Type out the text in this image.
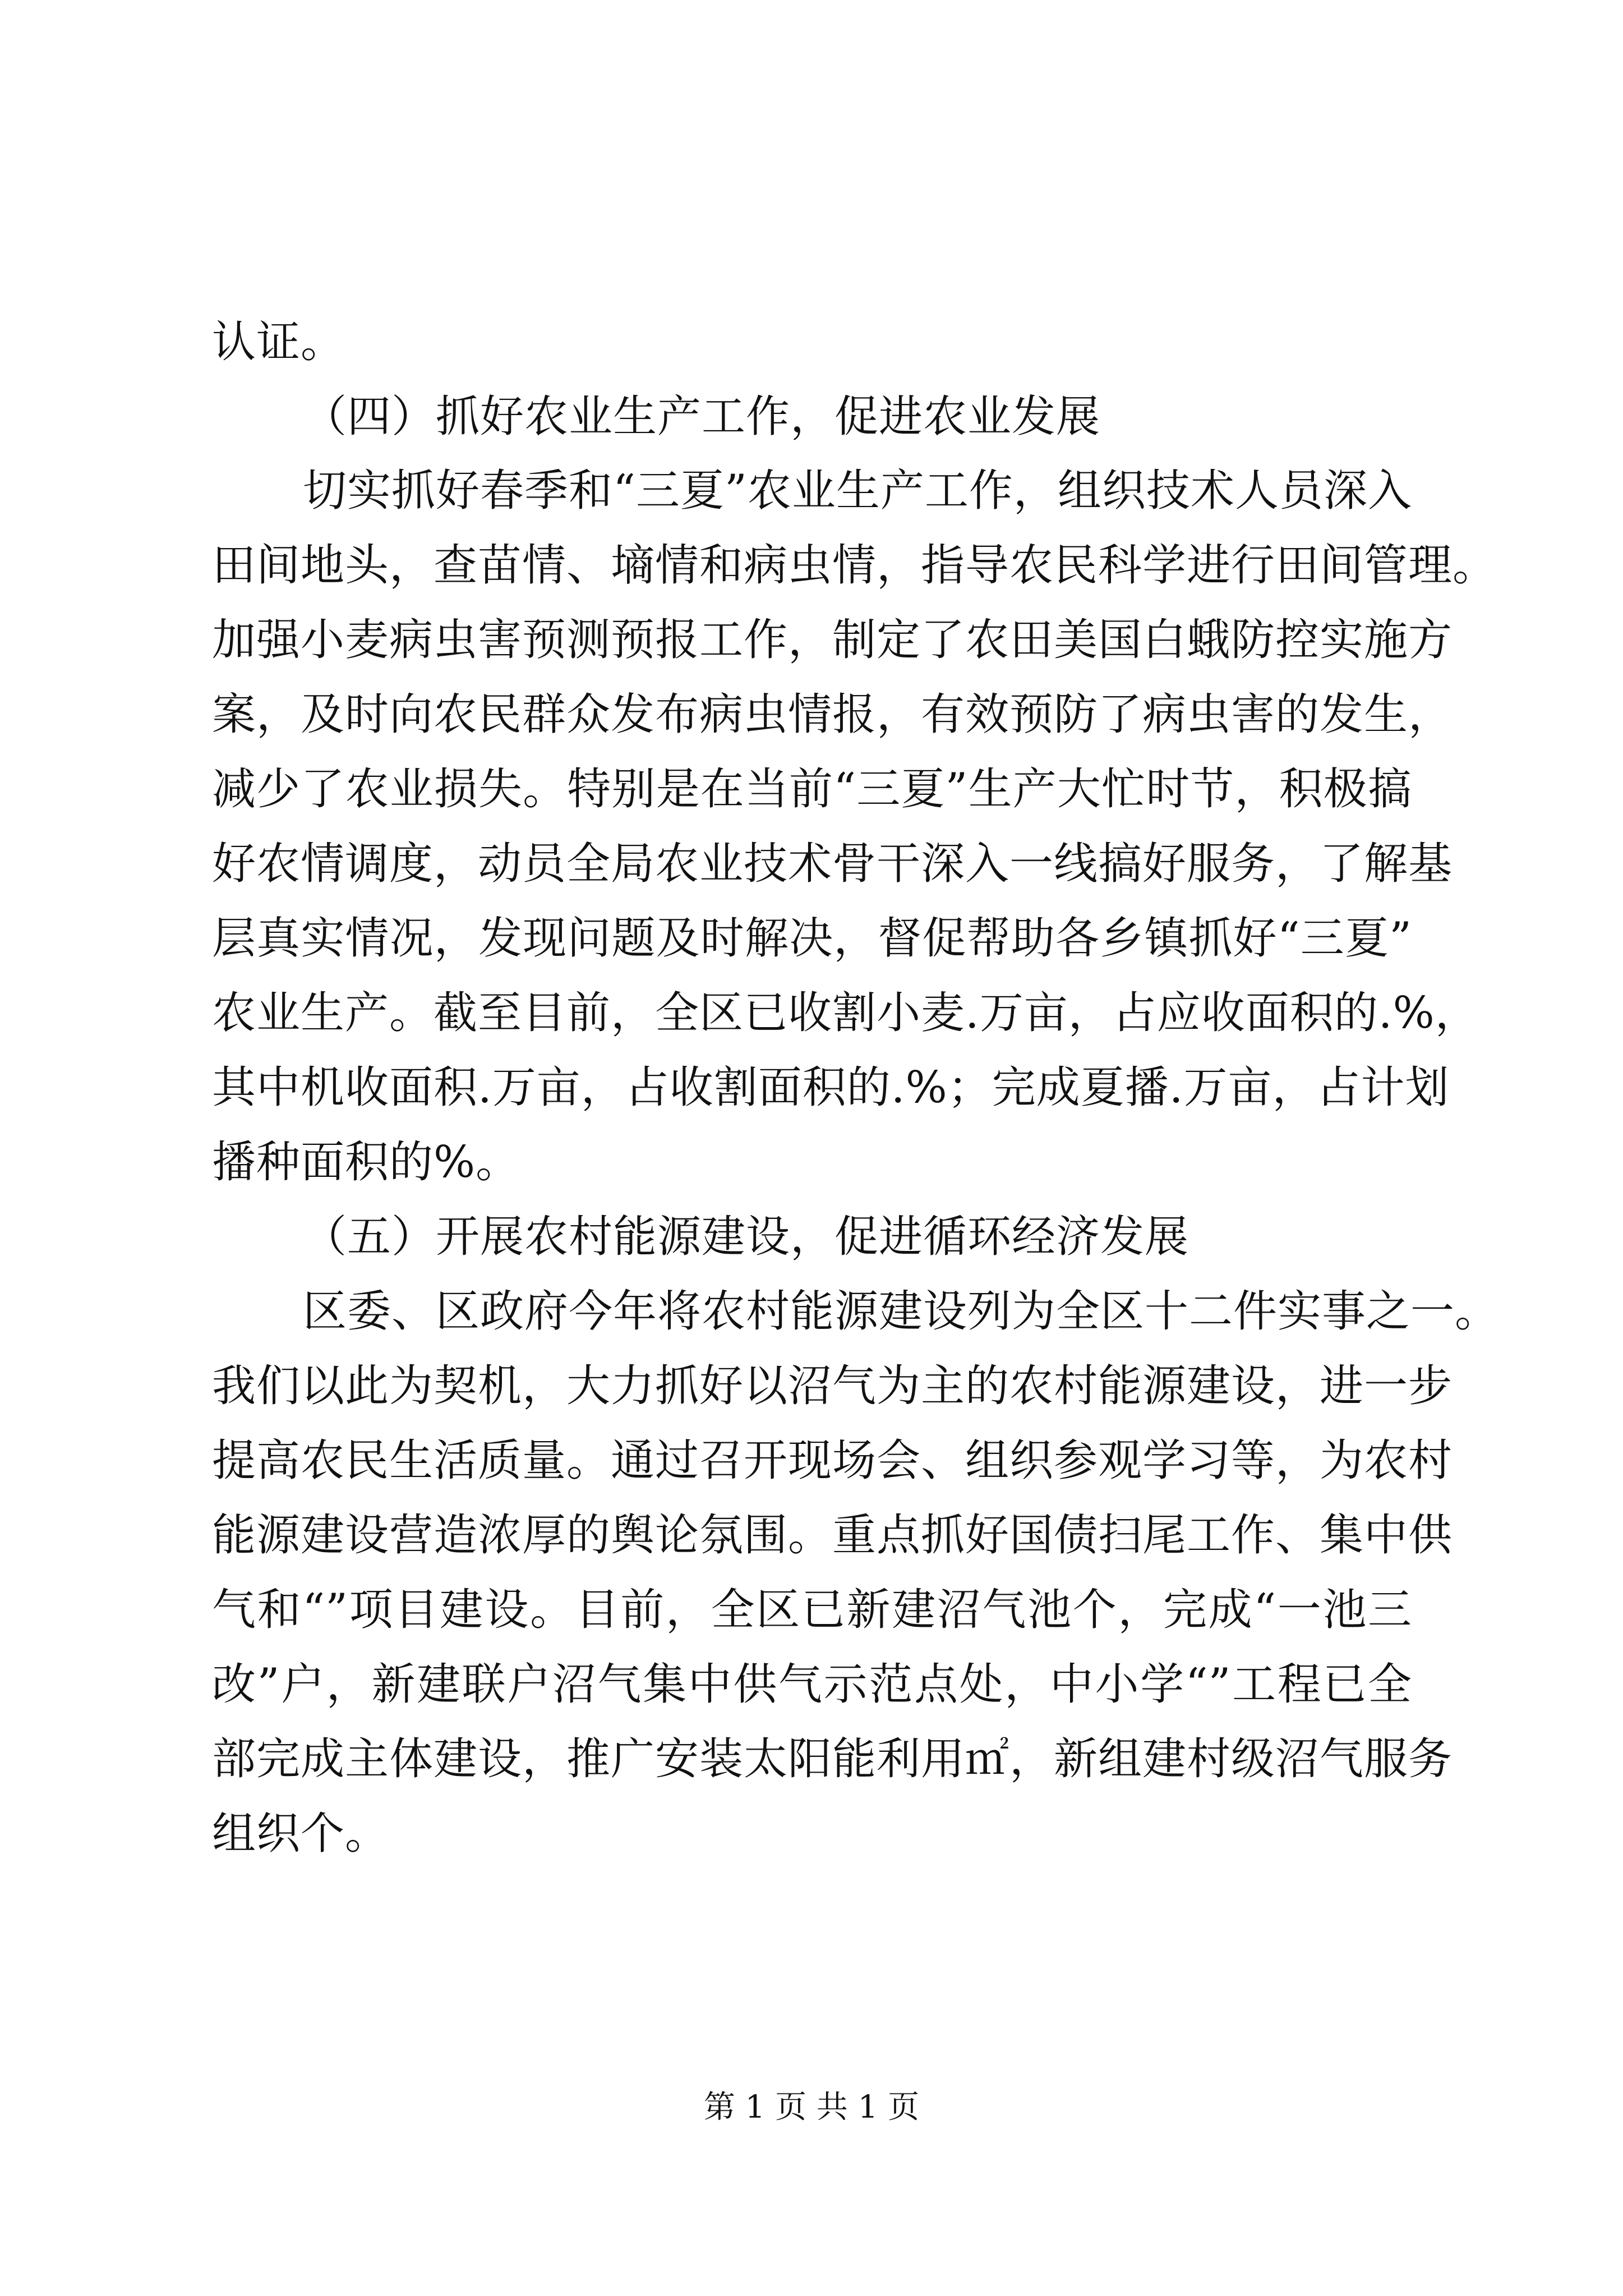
认证。
（四）抓好农业生产工作，促进农业发展
切实抓好春季和“三夏”农业生产工作，组织技术人员深入
田间地头，查苗情、墒情和病虫情，指导农民科学进行田间管理。
加强小麦病虫害预测预报工作，制定了农田美国白蛾防控实施方
案，及时向农民群众发布病虫情报，有效预防了病虫害的发生，
减少了农业损失。特别是在当前“三夏”生产大忙时节，积极搞
好农情调度，动员全局农业技术骨干深入一线搞好服务，了解基
层真实情况，发现问题及时解决，督促帮助各乡镇抓好“三夏”
农业生产。截至目前，全区已收割小麦.万亩，占应收面积的.%，
其中机收面积.万亩，占收割面积的.%；完成夏播.万亩，占计划
播种面积的%。
（五）开展农村能源建设，促进循环经济发展
区委、区政府今年将农村能源建设列为全区十二件实事之一。
我们以此为契机，大力抓好以沼气为主的农村能源建设，进一步
提高农民生活质量。通过召开现场会、组织参观学习等，为农村
能源建设营造浓厚的舆论氛围。重点抓好国债扫尾工作、集中供
气和“”项目建设。目前，全区已新建沼气池个，完成“一池三
改”户，新建联户沼气集中供气示范点处，中小学“”工程已全
部完成主体建设，推广安装太阳能利用㎡，新组建村级沼气服务
组织个。
第 1 页 共 1 页
